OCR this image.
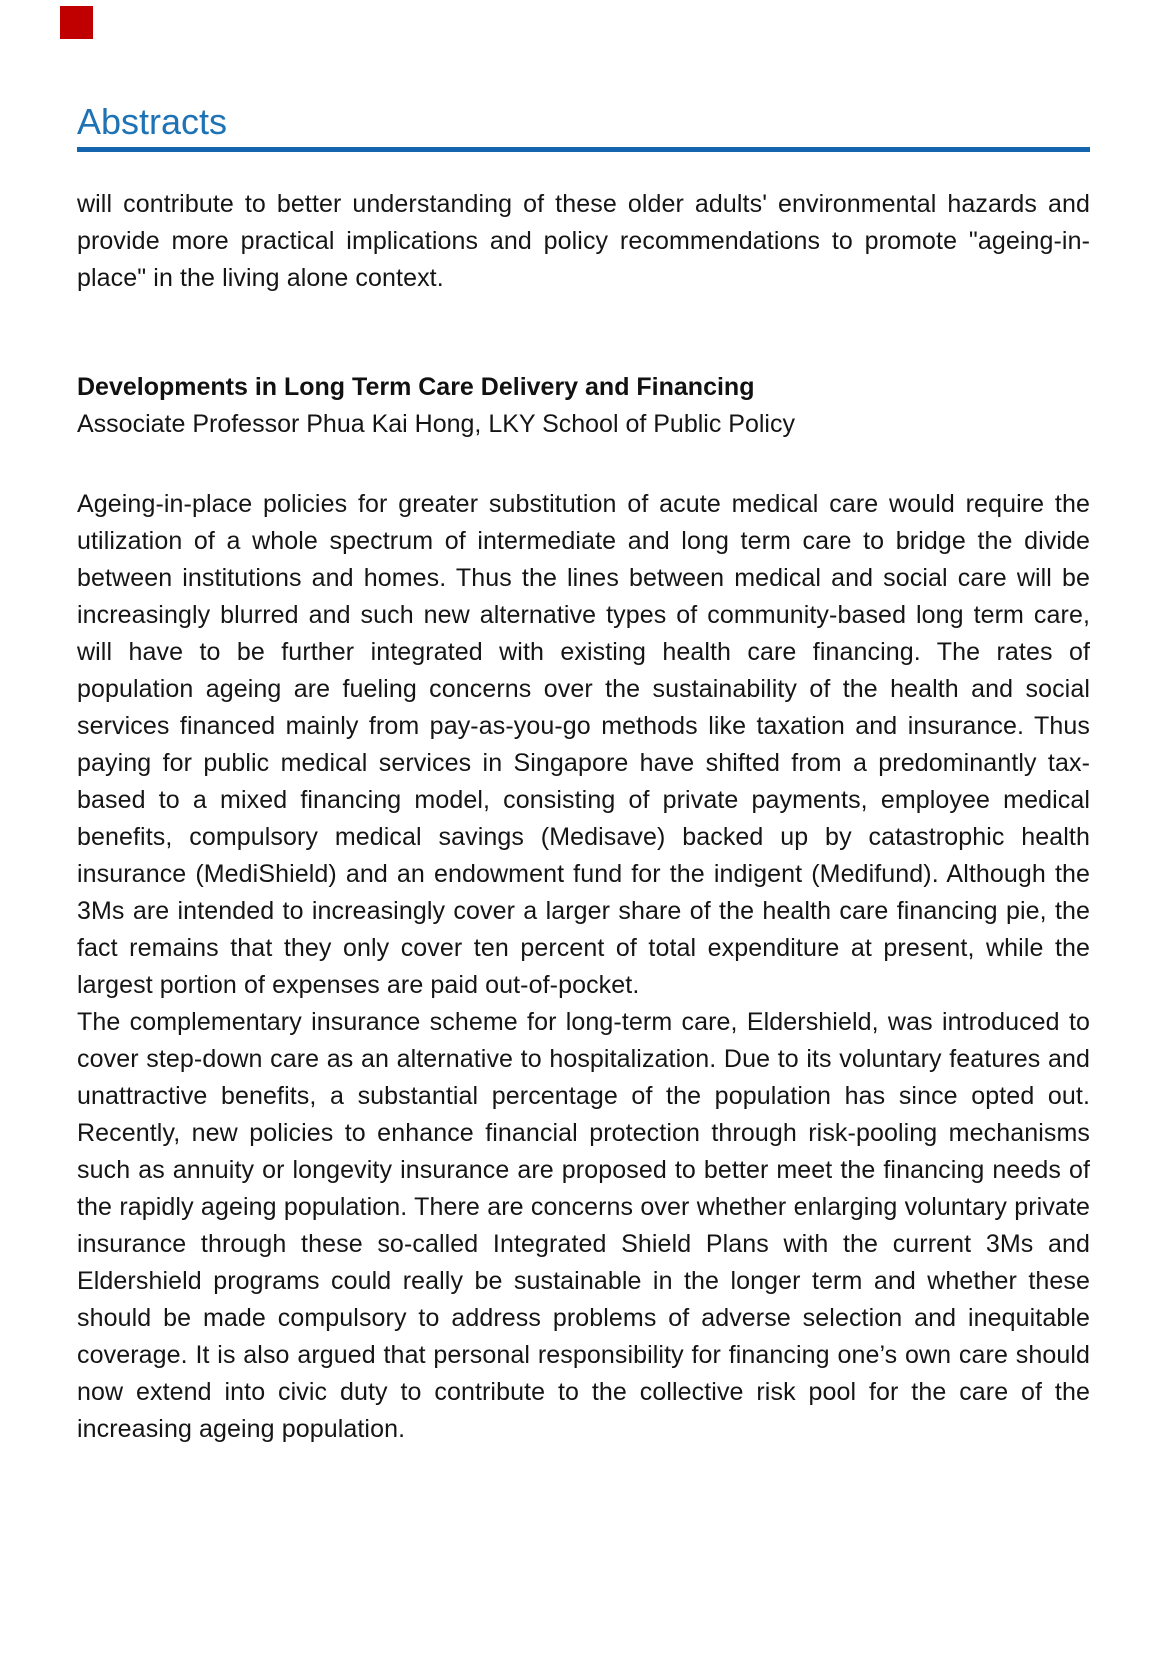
Abstracts

will contribute to better understanding of these older adults' environmental hazards and provide more practical implications and policy recommendations to promote "ageing-in-place" in the living alone context.

Developments in Long Term Care Delivery and Financing

Associate Professor Phua Kai Hong, LKY School of Public Policy

Ageing-in-place policies for greater substitution of acute medical care would require the utilization of a whole spectrum of intermediate and long term care to bridge the divide between institutions and homes. Thus the lines between medical and social care will be increasingly blurred and such new alternative types of community-based long term care, will have to be further integrated with existing health care financing. The rates of population ageing are fueling concerns over the sustainability of the health and social services financed mainly from pay-as-you-go methods like taxation and insurance. Thus paying for public medical services in Singapore have shifted from a predominantly tax-based to a mixed financing model, consisting of private payments, employee medical benefits, compulsory medical savings (Medisave) backed up by catastrophic health insurance (MediShield) and an endowment fund for the indigent (Medifund). Although the 3Ms are intended to increasingly cover a larger share of the health care financing pie, the fact remains that they only cover ten percent of total expenditure at present, while the largest portion of expenses are paid out-of-pocket.

The complementary insurance scheme for long-term care, Eldershield, was introduced to cover step-down care as an alternative to hospitalization. Due to its voluntary features and unattractive benefits, a substantial percentage of the population has since opted out. Recently, new policies to enhance financial protection through risk-pooling mechanisms such as annuity or longevity insurance are proposed to better meet the financing needs of the rapidly ageing population. There are concerns over whether enlarging voluntary private insurance through these so-called Integrated Shield Plans with the current 3Ms and Eldershield programs could really be sustainable in the longer term and whether these should be made compulsory to address problems of adverse selection and inequitable coverage. It is also argued that personal responsibility for financing one’s own care should now extend into civic duty to contribute to the collective risk pool for the care of the increasing ageing population.
